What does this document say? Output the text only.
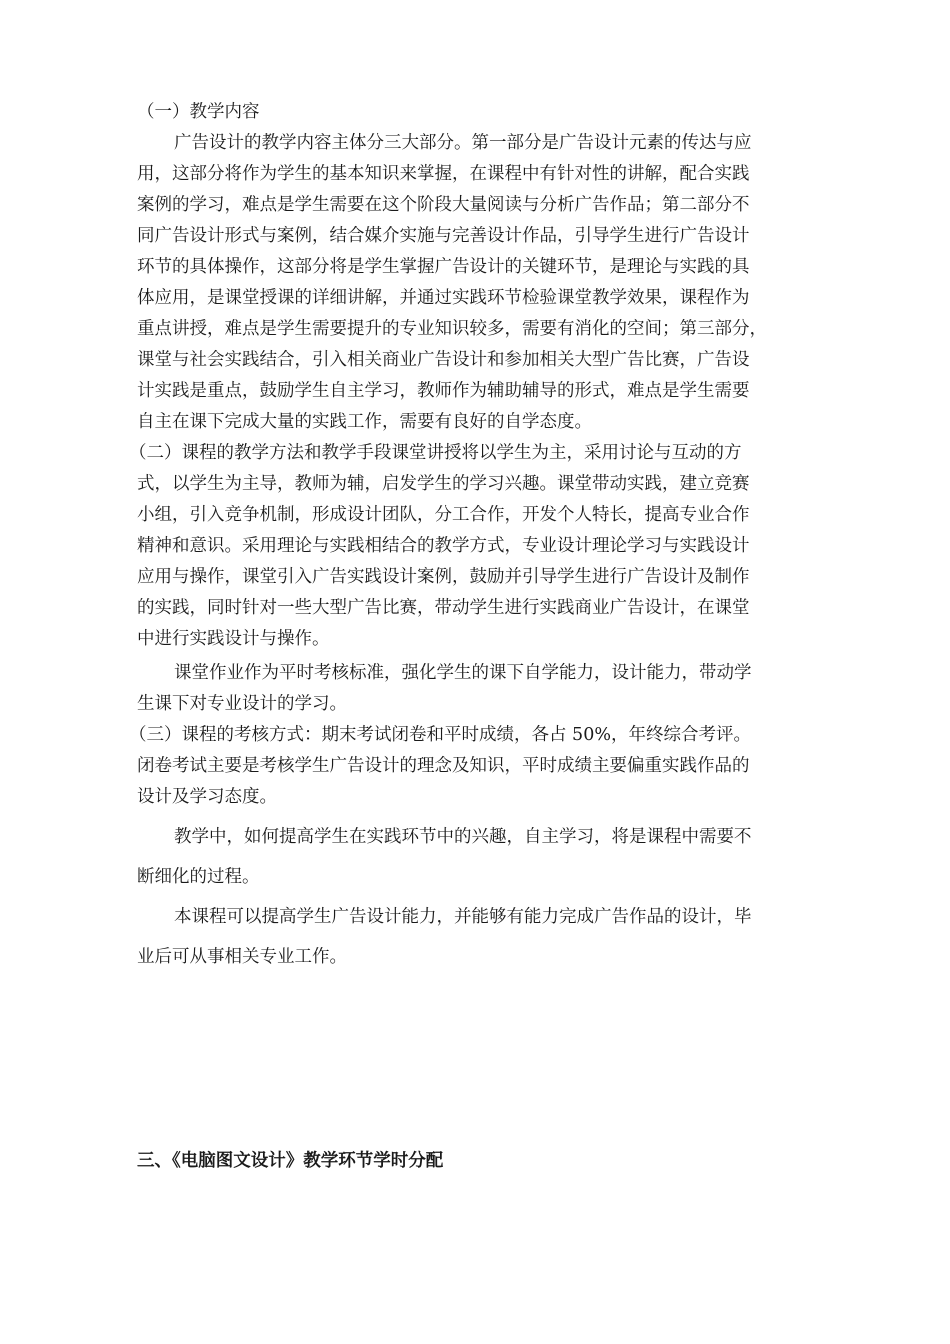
（一）教学内容
广告设计的教学内容主体分三大部分。第一部分是广告设计元素的传达与应
用，这部分将作为学生的基本知识来掌握，在课程中有针对性的讲解，配合实践
案例的学习，难点是学生需要在这个阶段大量阅读与分析广告作品；第二部分不
同广告设计形式与案例，结合媒介实施与完善设计作品，引导学生进行广告设计
环节的具体操作，这部分将是学生掌握广告设计的关键环节，是理论与实践的具
体应用，是课堂授课的详细讲解，并通过实践环节检验课堂教学效果，课程作为
重点讲授，难点是学生需要提升的专业知识较多，需要有消化的空间；第三部分，
课堂与社会实践结合，引入相关商业广告设计和参加相关大型广告比赛，广告设
计实践是重点，鼓励学生自主学习，教师作为辅助辅导的形式，难点是学生需要
自主在课下完成大量的实践工作，需要有良好的自学态度。
（二）课程的教学方法和教学手段课堂讲授将以学生为主，采用讨论与互动的方
式，以学生为主导，教师为辅，启发学生的学习兴趣。课堂带动实践，建立竞赛
小组，引入竞争机制，形成设计团队，分工合作，开发个人特长，提高专业合作
精神和意识。采用理论与实践相结合的教学方式，专业设计理论学习与实践设计
应用与操作，课堂引入广告实践设计案例，鼓励并引导学生进行广告设计及制作
的实践，同时针对一些大型广告比赛，带动学生进行实践商业广告设计，在课堂
中进行实践设计与操作。
课堂作业作为平时考核标准，强化学生的课下自学能力，设计能力，带动学
生课下对专业设计的学习。
（三）课程的考核方式：期末考试闭卷和平时成绩，各占 50%，年终综合考评。
闭卷考试主要是考核学生广告设计的理念及知识，平时成绩主要偏重实践作品的
设计及学习态度。
教学中，如何提高学生在实践环节中的兴趣，自主学习，将是课程中需要不
断细化的过程。
本课程可以提高学生广告设计能力，并能够有能力完成广告作品的设计，毕
业后可从事相关专业工作。
三、《电脑图文设计》教学环节学时分配
